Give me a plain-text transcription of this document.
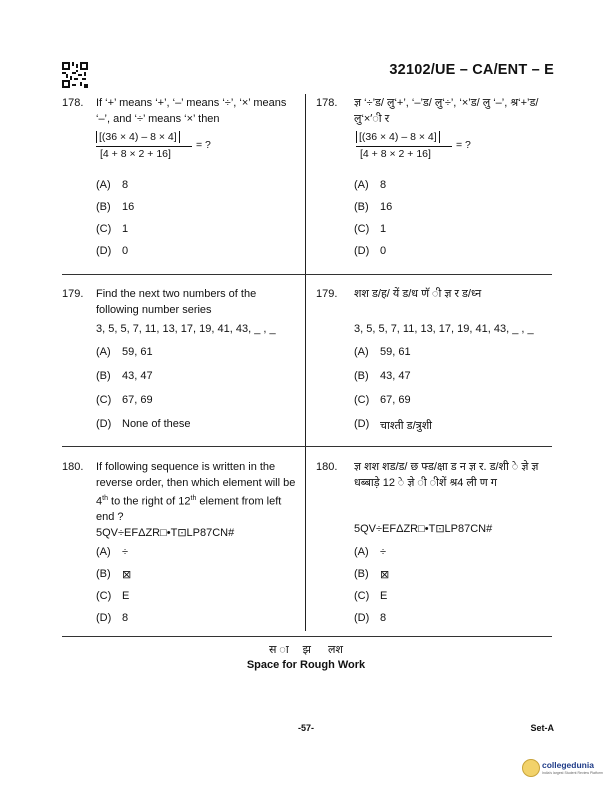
32102/UE – CA/ENT – E
178. If ‘+’ means ‘+’, ‘–’ means ‘÷’, ‘×’ means ‘–’, and ‘÷’ means ‘×’ then
[(36 × 4) – 8 × 4]
[4 + 8 × 2 + 16]
= ?
(A) 8
(B) 16
(C) 1
(D) 0
178. ज्ञ ‘÷’ड/ लु‘+’, ‘–’ड/ लु‘÷’, ‘×’ड/ लु ‘–’, श्र‘+’ड/ लु‘×’ी र
[(36 × 4) – 8 × 4]
[4 + 8 × 2 + 16]
= ?
(A) 8
(B) 16
(C) 1
(D) 0
179. Find the next two numbers of the following number series
3, 5, 5, 7, 11, 13, 17, 19, 41, 43, _ , _
(A) 59, 61
(B) 43, 47
(C) 67, 69
(D) None of these
179. शश ड/ह/ यें ड/ध णॅ ी ज्ञ र ड/ध्न
3, 5, 5, 7, 11, 13, 17, 19, 41, 43, _ , _
(A) 59, 61
(B) 43, 47
(C) 67, 69
(D) चाश्ती ड/त्रुशी
180. If following sequence is written in the reverse order, then which element will be 4th to the right of 12th element from left end ?
5QV÷EFΔZR□•T⊡LP87CN#
(A) ÷
(B) ⊠
(C) E
(D) 8
180. ज्ञ शश शड/ड/ छ फ्ड/क्षा ड न ज्ञ र. ड/शी े ज्ञे ज्ञ धब्बाड़े 12 े ज्ञे ी ीशें श्र4 ली ण ग
5QV÷EFΔZR□•T⊡LP87CN#
(A) ÷
(B) ⊠
(C) E
(D) 8
स ाझ लश
Space for Rough Work
-57-	Set-A
collegedunia
India's largest Student Review Platform
